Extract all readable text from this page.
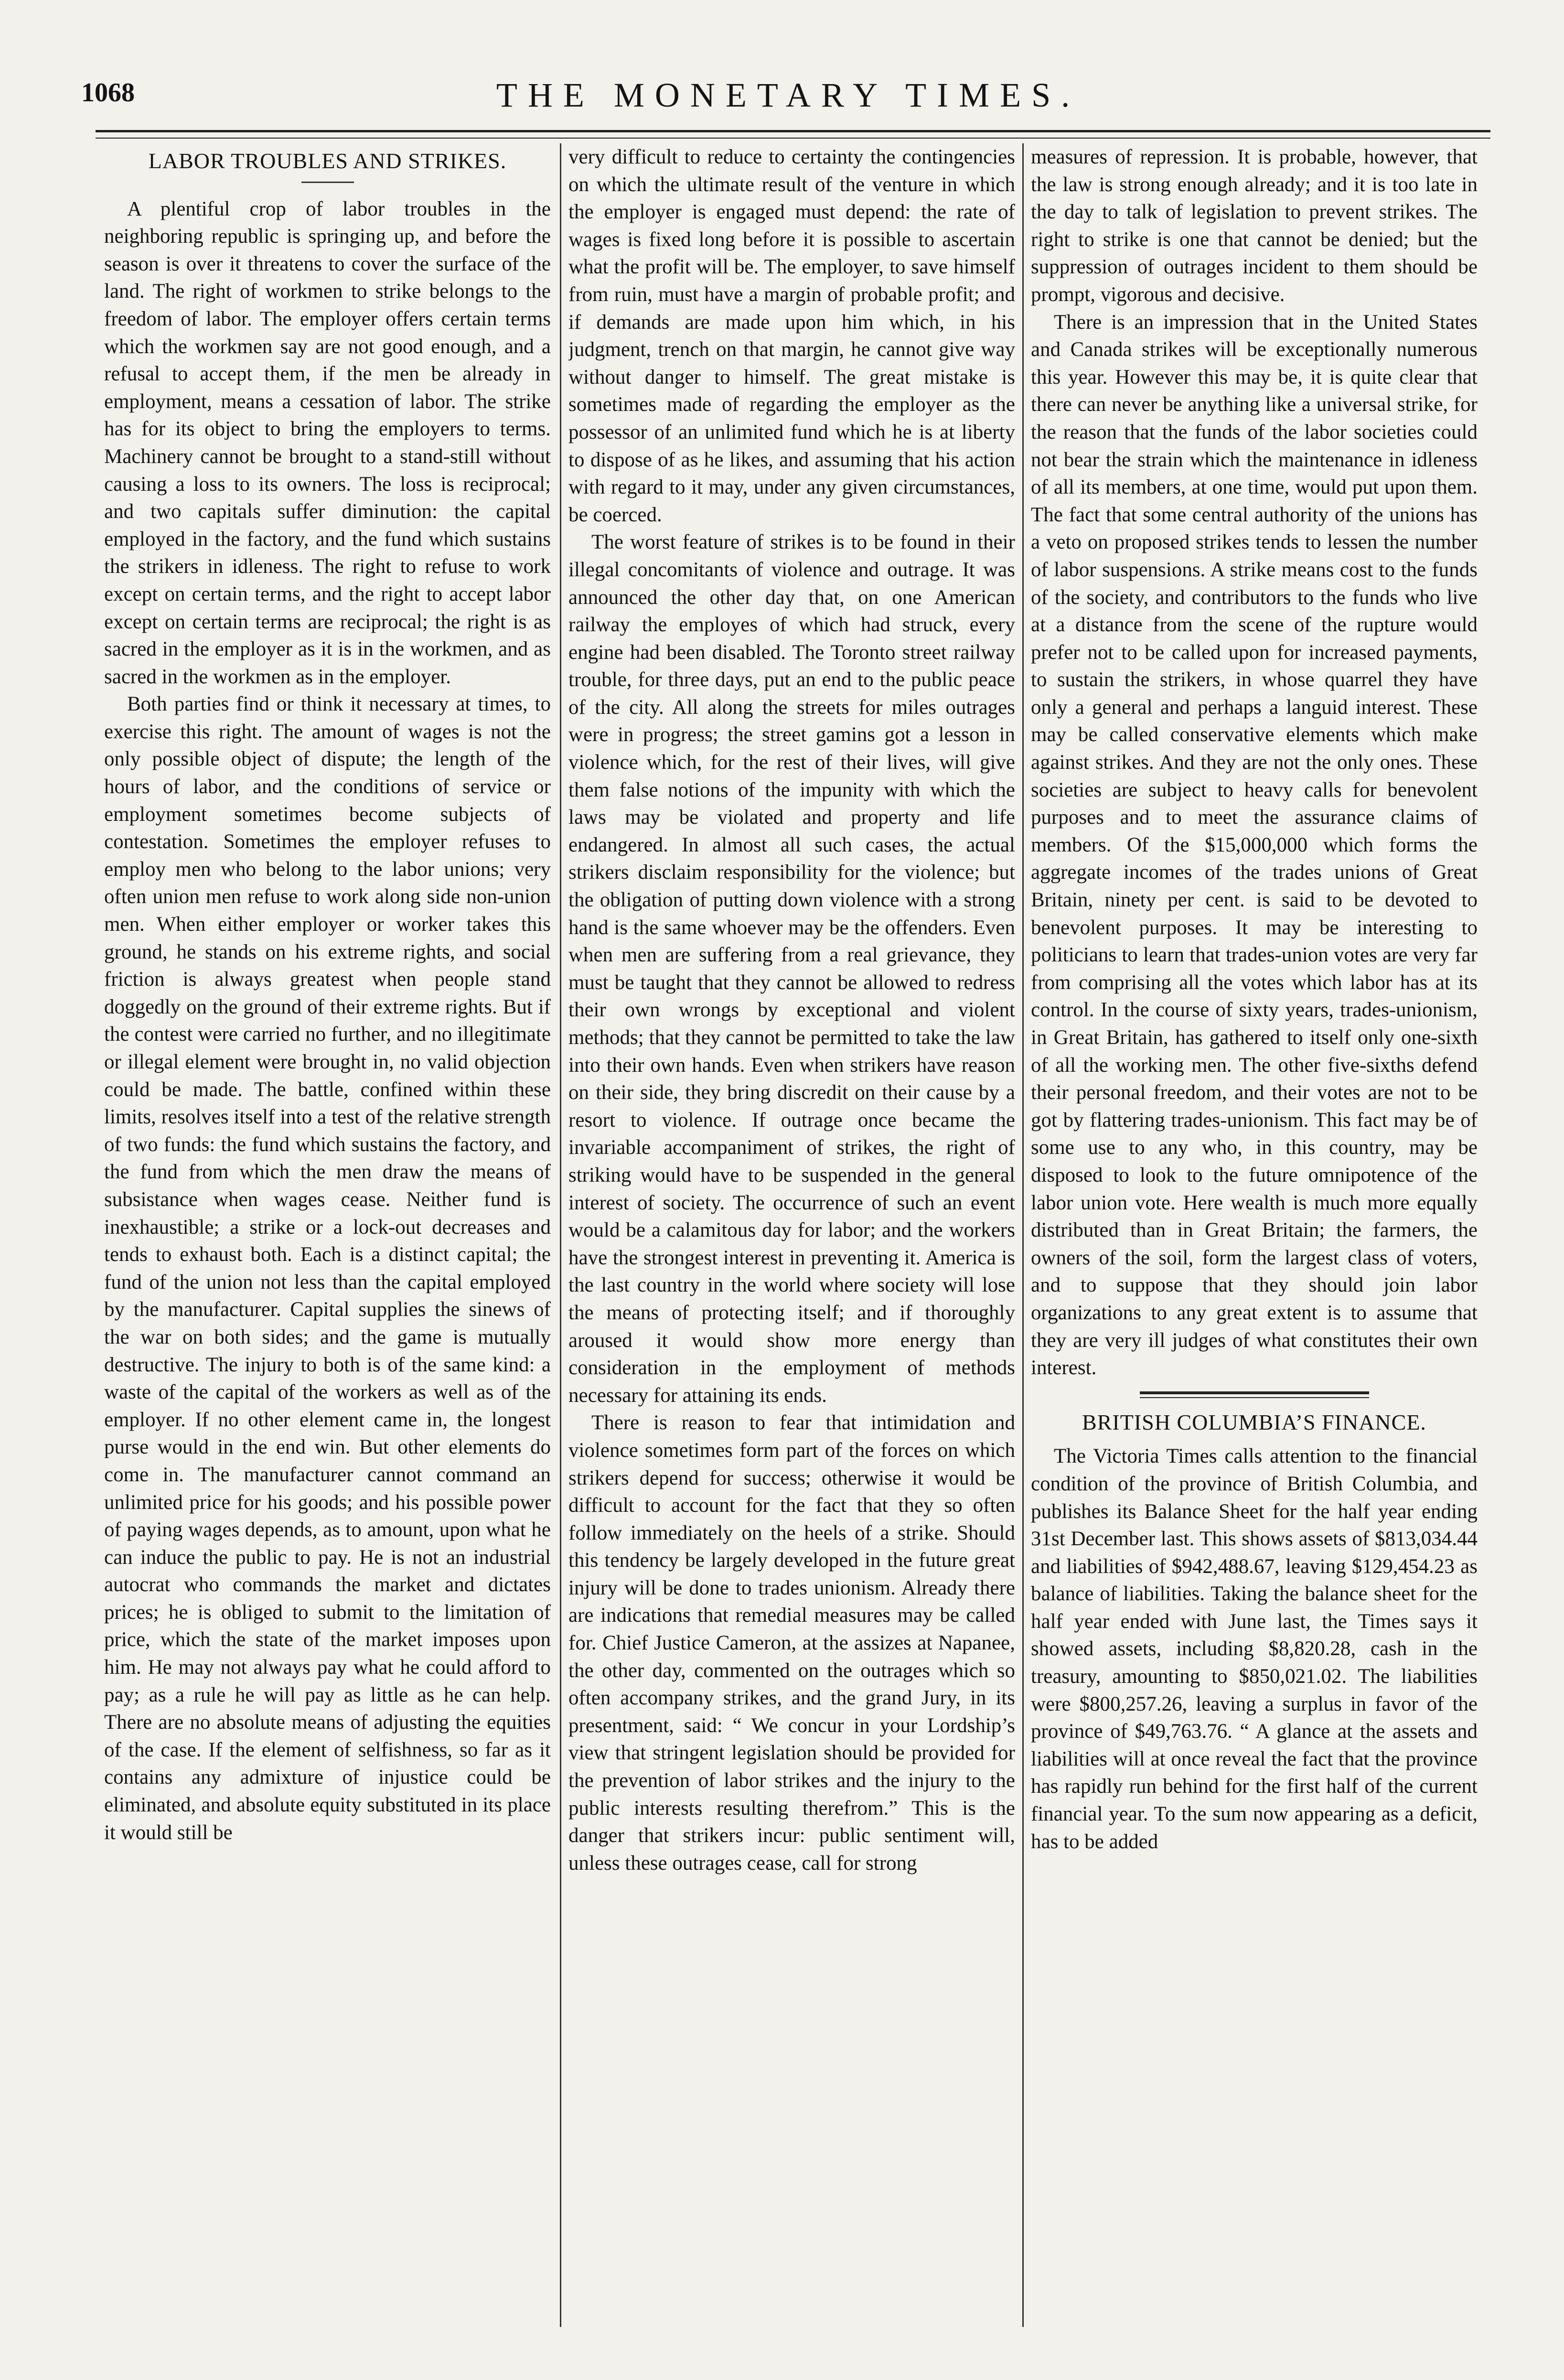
1068	THE MONETARY TIMES.
LABOR TROUBLES AND STRIKES.

A plentiful crop of labor troubles in the neighboring republic is springing up, and before the season is over it threatens to cover the surface of the land. The right of workmen to strike belongs to the freedom of labor. The employer offers certain terms which the workmen say are not good enough, and a refusal to accept them, if the men be already in employment, means a cessation of labor. The strike has for its object to bring the employers to terms. Machinery cannot be brought to a stand-still without causing a loss to its owners. The loss is reciprocal; and two capitals suffer diminution: the capital employed in the factory, and the fund which sustains the strikers in idleness. The right to refuse to work except on certain terms, and the right to accept labor except on certain terms are reciprocal; the right is as sacred in the employer as it is in the workmen, and as sacred in the workmen as in the employer.

Both parties find or think it necessary at times, to exercise this right. The amount of wages is not the only possible object of dispute; the length of the hours of labor, and the conditions of service or employment sometimes become subjects of contestation. Sometimes the employer refuses to employ men who belong to the labor unions; very often union men refuse to work along side non-union men. When either employer or worker takes this ground, he stands on his extreme rights, and social friction is always greatest when people stand doggedly on the ground of their extreme rights. But if the contest were carried no further, and no illegitimate or illegal element were brought in, no valid objection could be made. The battle, confined within these limits, resolves itself into a test of the relative strength of two funds: the fund which sustains the factory, and the fund from which the men draw the means of subsistance when wages cease. Neither fund is inexhaustible; a strike or a lock-out decreases and tends to exhaust both. Each is a distinct capital; the fund of the union not less than the capital employed by the manufacturer. Capital supplies the sinews of the war on both sides; and the game is mutually destructive. The injury to both is of the same kind: a waste of the capital of the workers as well as of the employer. If no other element came in, the longest purse would in the end win. But other elements do come in. The manufacturer cannot command an unlimited price for his goods; and his possible power of paying wages depends, as to amount, upon what he can induce the public to pay. He is not an industrial autocrat who commands the market and dictates prices; he is obliged to submit to the limitation of price, which the state of the market imposes upon him. He may not always pay what he could afford to pay; as a rule he will pay as little as he can help. There are no absolute means of adjusting the equities of the case. If the element of selfishness, so far as it contains any admixture of injustice could be eliminated, and absolute equity substituted in its place it would still be

very difficult to reduce to certainty the contingencies on which the ultimate result of the venture in which the employer is engaged must depend: the rate of wages is fixed long before it is possible to ascertain what the profit will be. The employer, to save himself from ruin, must have a margin of probable profit; and if demands are made upon him which, in his judgment, trench on that margin, he cannot give way without danger to himself. The great mistake is sometimes made of regarding the employer as the possessor of an unlimited fund which he is at liberty to dispose of as he likes, and assuming that his action with regard to it may, under any given circumstances, be coerced.

The worst feature of strikes is to be found in their illegal concomitants of violence and outrage. It was announced the other day that, on one American railway the employes of which had struck, every engine had been disabled. The Toronto street railway trouble, for three days, put an end to the public peace of the city. All along the streets for miles outrages were in progress; the street gamins got a lesson in violence which, for the rest of their lives, will give them false notions of the impunity with which the laws may be violated and property and life endangered. In almost all such cases, the actual strikers disclaim responsibility for the violence; but the obligation of putting down violence with a strong hand is the same whoever may be the offenders. Even when men are suffering from a real grievance, they must be taught that they cannot be allowed to redress their own wrongs by exceptional and violent methods; that they cannot be permitted to take the law into their own hands. Even when strikers have reason on their side, they bring discredit on their cause by a resort to violence. If outrage once became the invariable accompaniment of strikes, the right of striking would have to be suspended in the general interest of society. The occurrence of such an event would be a calamitous day for labor; and the workers have the strongest interest in preventing it. America is the last country in the world where society will lose the means of protecting itself; and if thoroughly aroused it would show more energy than consideration in the employment of methods necessary for attaining its ends.

There is reason to fear that intimidation and violence sometimes form part of the forces on which strikers depend for success; otherwise it would be difficult to account for the fact that they so often follow immediately on the heels of a strike. Should this tendency be largely developed in the future great injury will be done to trades unionism. Already there are indications that remedial measures may be called for. Chief Justice Cameron, at the assizes at Napanee, the other day, commented on the outrages which so often accompany strikes, and the grand Jury, in its presentment, said: “ We concur in your Lordship’s view that stringent legislation should be provided for the prevention of labor strikes and the injury to the public interests resulting therefrom.” This is the danger that strikers incur: public sentiment will, unless these outrages cease, call for strong

measures of repression. It is probable, however, that the law is strong enough already; and it is too late in the day to talk of legislation to prevent strikes. The right to strike is one that cannot be denied; but the suppression of outrages incident to them should be prompt, vigorous and decisive.

There is an impression that in the United States and Canada strikes will be exceptionally numerous this year. However this may be, it is quite clear that there can never be anything like a universal strike, for the reason that the funds of the labor societies could not bear the strain which the maintenance in idleness of all its members, at one time, would put upon them. The fact that some central authority of the unions has a veto on proposed strikes tends to lessen the number of labor suspensions. A strike means cost to the funds of the society, and contributors to the funds who live at a distance from the scene of the rupture would prefer not to be called upon for increased payments, to sustain the strikers, in whose quarrel they have only a general and perhaps a languid interest. These may be called conservative elements which make against strikes. And they are not the only ones. These societies are subject to heavy calls for benevolent purposes and to meet the assurance claims of members. Of the $15,000,000 which forms the aggregate incomes of the trades unions of Great Britain, ninety per cent. is said to be devoted to benevolent purposes. It may be interesting to politicians to learn that trades-union votes are very far from comprising all the votes which labor has at its control. In the course of sixty years, trades-unionism, in Great Britain, has gathered to itself only one-sixth of all the working men. The other five-sixths defend their personal freedom, and their votes are not to be got by flattering trades-unionism. This fact may be of some use to any who, in this country, may be disposed to look to the future omnipotence of the labor union vote. Here wealth is much more equally distributed than in Great Britain; the farmers, the owners of the soil, form the largest class of voters, and to suppose that they should join labor organizations to any great extent is to assume that they are very ill judges of what constitutes their own interest.

BRITISH COLUMBIA’S FINANCE.

The Victoria Times calls attention to the financial condition of the province of British Columbia, and publishes its Balance Sheet for the half year ending 31st December last. This shows assets of $813,034.44 and liabilities of $942,488.67, leaving $129,454.23 as balance of liabilities. Taking the balance sheet for the half year ended with June last, the Times says it showed assets, including $8,820.28, cash in the treasury, amounting to $850,021.02. The liabilities were $800,257.26, leaving a surplus in favor of the province of $49,763.76. “ A glance at the assets and liabilities will at once reveal the fact that the province has rapidly run behind for the first half of the current financial year. To the sum now appearing as a deficit, has to be added
